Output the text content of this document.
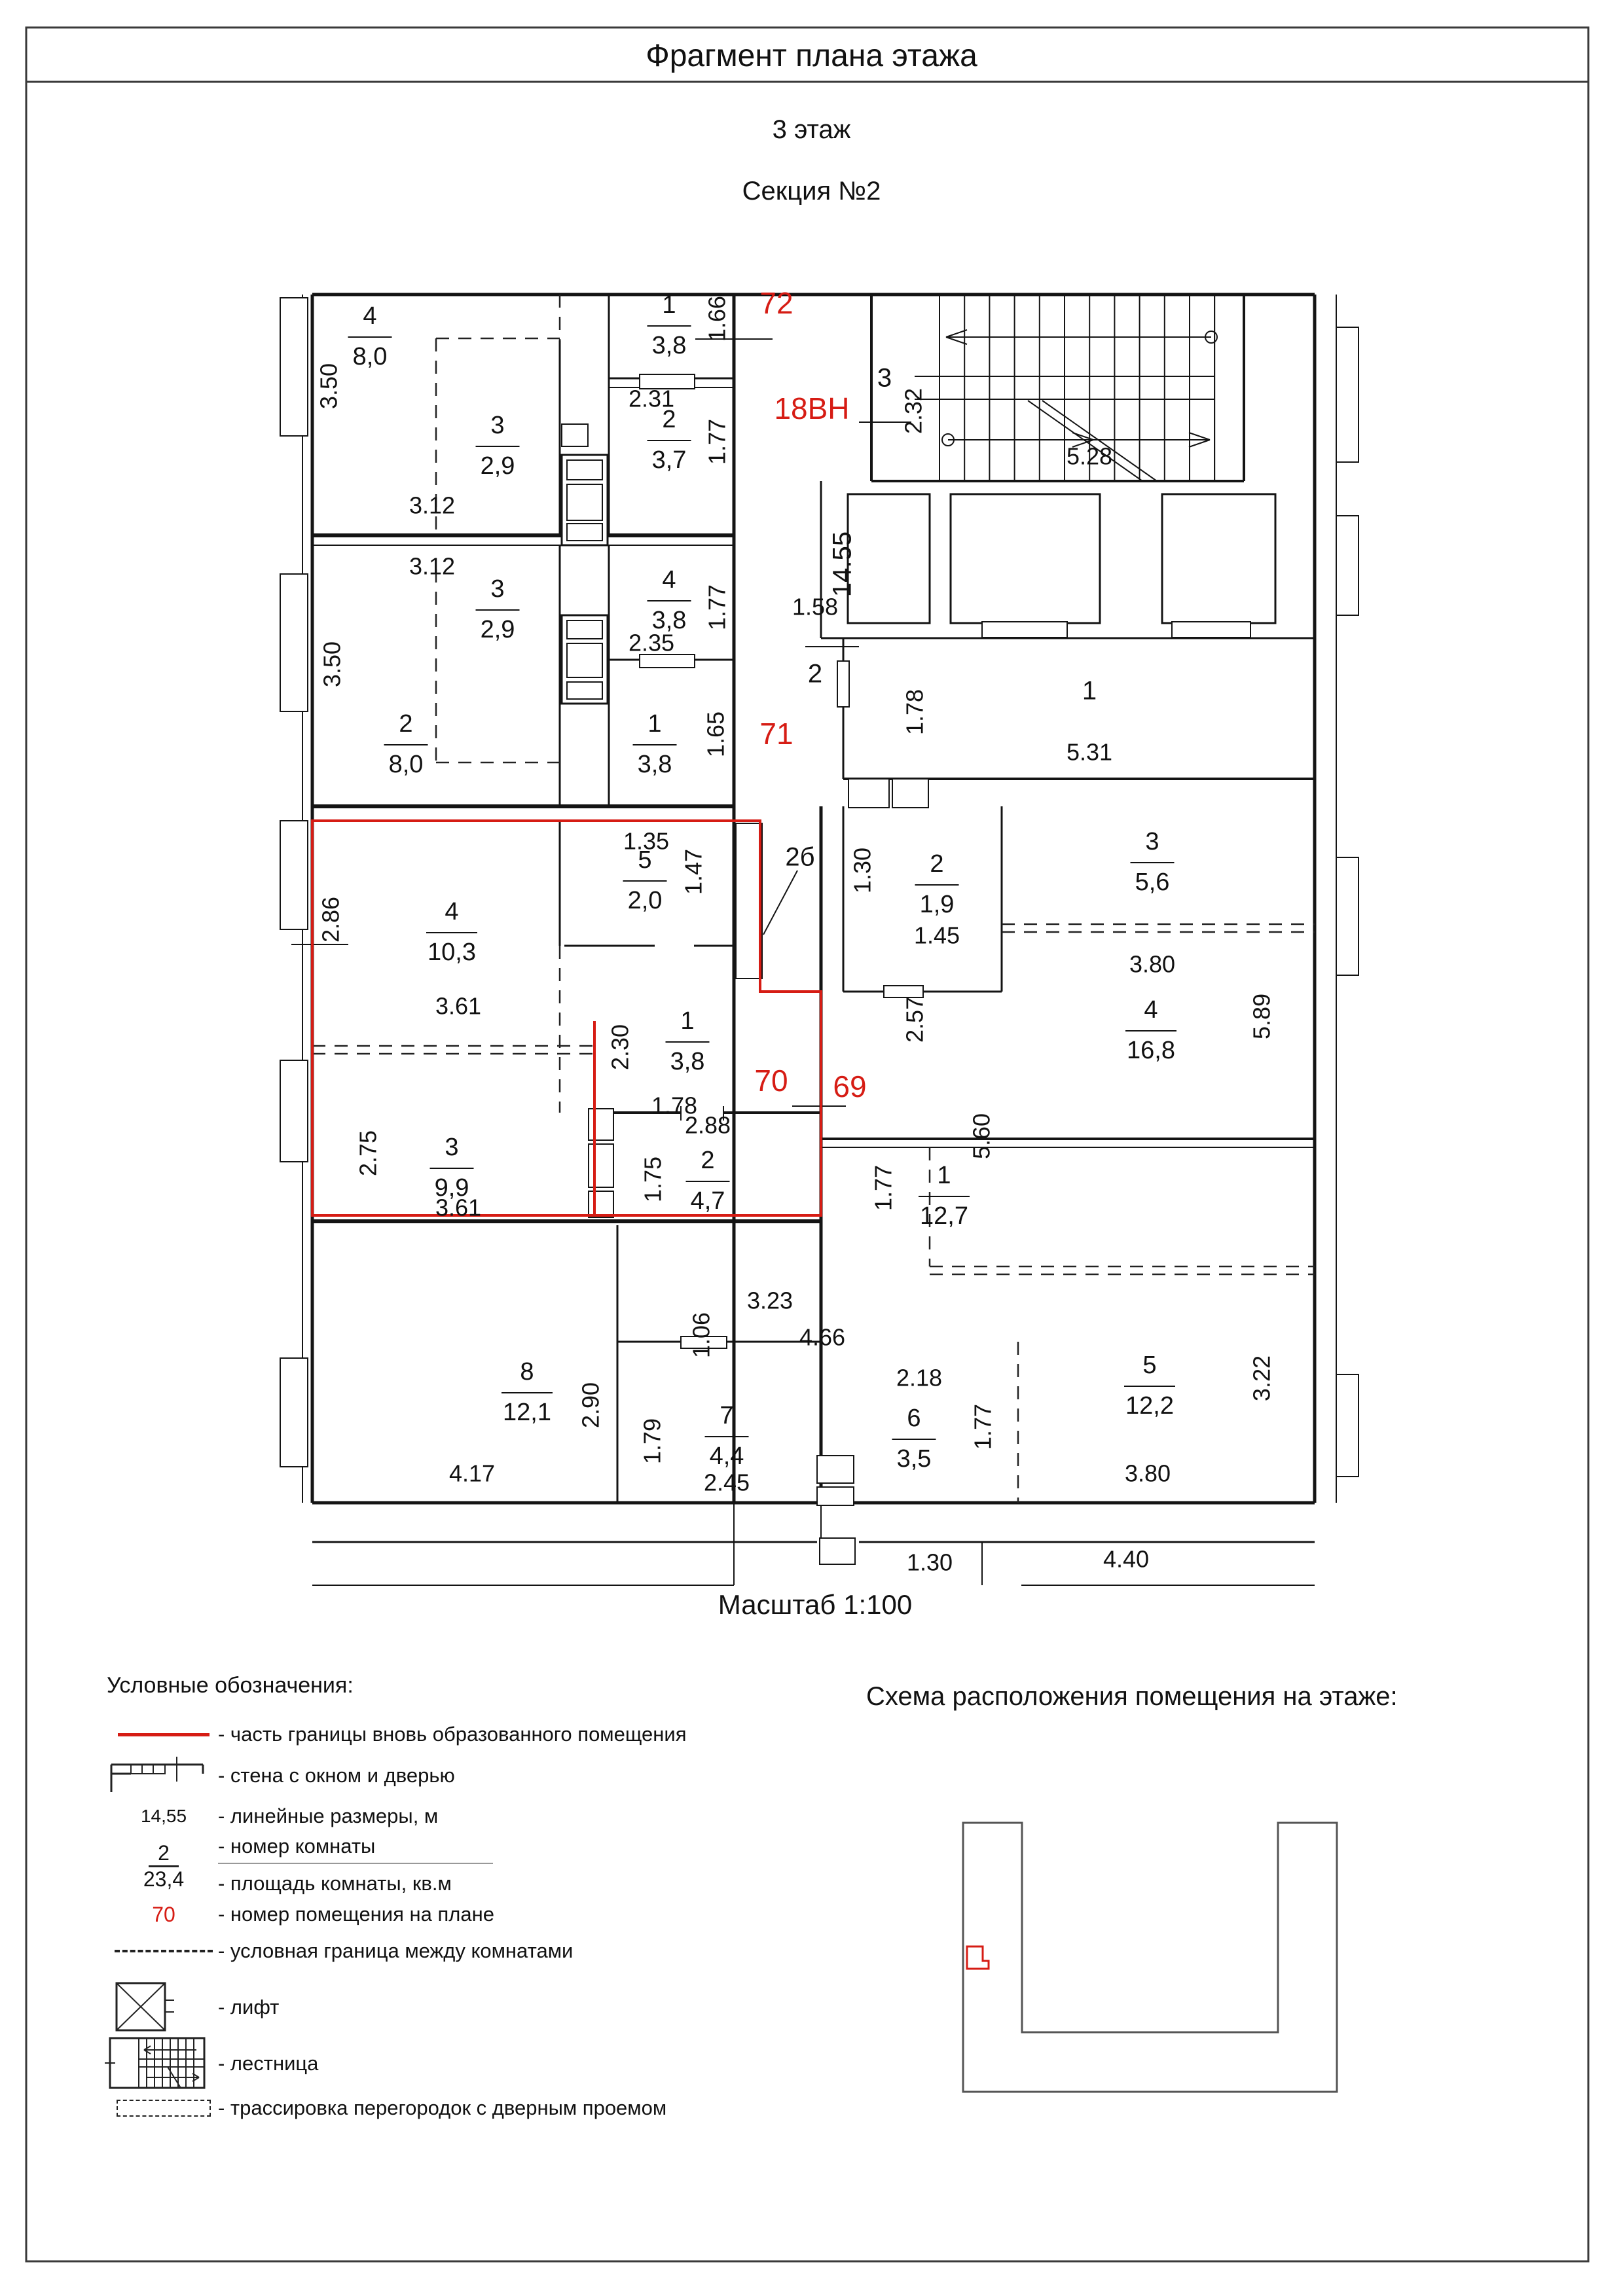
4
8,0
1
3,8
3
2,9
2
3,7
3
2,9
4
3,8
2
8,0
1
3,8
5
2,0
4
10,3
1
3,8
3
9,9
2
4,7
2
1,9
3
5,6
4
16,8
1
12,7
8
12,1	7
4,4
6
3,5
5
12,2
3.50
1.66
2.31
1.77
3.12
2.32
5.28
3.12
1.77
2.35
3.50
1.65
14.55
1.58
1.78
5.31
1.35
1.47
2.86
3.61
2.30
1.78
2.75
3.61
1.75
2.88
1.30
1.45
3.80
5.89
2.57
5.60
1.77
2.90
4.17
1.06
3.23
4.66
1.79
2.45
2.18
1.77
3.22
3.80
1.30	4.40
72
18ВН
71
70 69
2б
3
2
1
Фрагмент плана этажа
3 этаж
Секция №2
Масштаб 1:100
Условные обозначения:
- часть границы вновь образованного помещения
- стена с окном и дверью
14,55	- линейные размеры, м
$\frac{2}{23,4}$ - номер комнаты
- площадь комнаты, кв.м
70	- номер помещения на плане
- условная граница между комнатами
- лифт
- лестница
- трассировка перегородок с дверным проемом
Схема расположения помещения на этаже:
